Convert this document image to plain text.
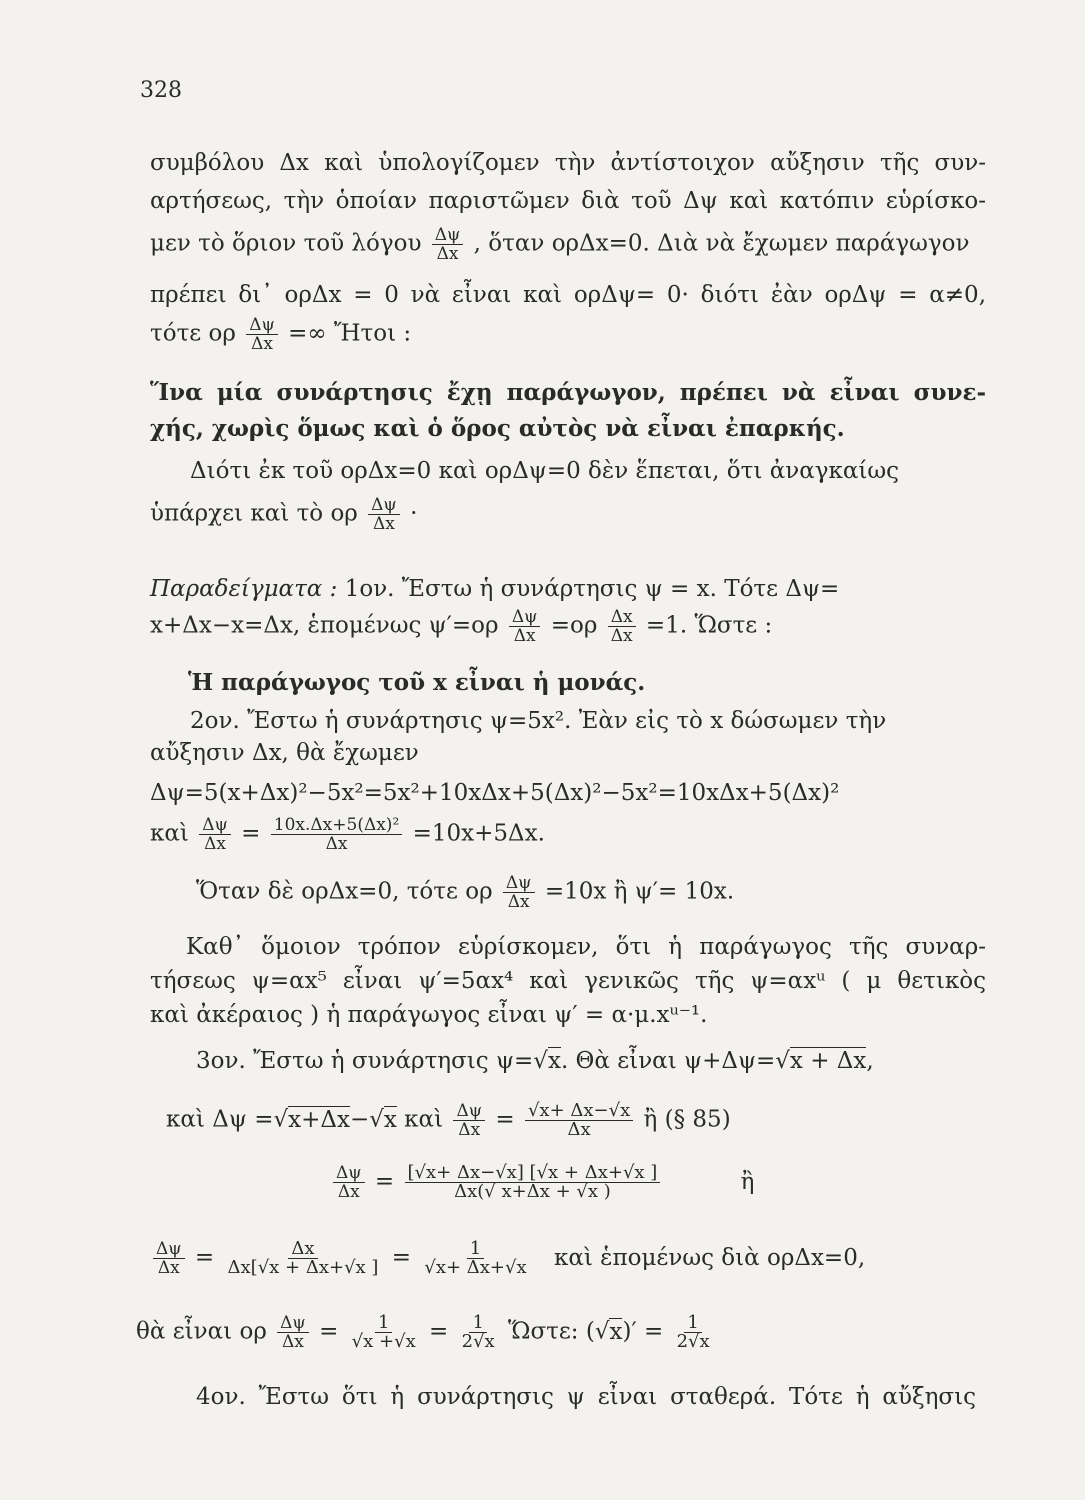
328
συμβόλου Δx καὶ ὑπολογίζομεν τὴν ἀντίστοιχον αὔξησιν τῆς συν-
αρτήσεως, τὴν ὁποίαν παριστῶμεν διὰ τοῦ Δψ καὶ κατόπιν εὑρίσκο-
μεν τὸ ὅριον τοῦ λόγου $\frac{\Delta\psi}{\Delta x}$ , ὅταν ορΔx=0. Διὰ νὰ ἔχωμεν παράγωγον
πρέπει δι᾽ ορΔx = 0 νὰ εἶναι καὶ ορΔψ= 0· διότι ἐὰν ορΔψ = α≠0,
τότε ορ $\frac{\Delta\psi}{\Delta x}$ =∞ Ἤτοι :
Ἵνα μία συνάρτησις ἔχῃ παράγωγον, πρέπει νὰ εἶναι συνε-
χής, χωρὶς ὅμως καὶ ὁ ὅρος αὐτὸς νὰ εἶναι ἐπαρκής.
Διότι ἐκ τοῦ ορΔx=0 καὶ ορΔψ=0 δὲν ἕπεται, ὅτι ἀναγκαίως
ὑπάρχει καὶ τὸ ορ $\frac{\Delta\psi}{\Delta x}$ ·
Παραδείγματα : 1ον. Ἔστω ἡ συνάρτησις ψ = x. Τότε Δψ=
x+Δx−x=Δx, ἑπομένως $\psi'=o\rho \frac{\Delta\psi}{\Delta x} =o\rho \frac{\Delta x}{\Delta x} =1$. Ὥστε :
Ἡ παράγωγος τοῦ x εἶναι ἡ μονάς.
2ον. Ἔστω ἡ συνάρτησις ψ=5x². Ἐὰν εἰς τὸ x δώσωμεν τὴν
αὔξησιν Δx, θὰ ἔχωμεν
Δψ=5(x+Δx)²−5x²=5x²+10xΔx+5(Δx)²−5x²=10xΔx+5(Δx)²
καὶ $\frac{\Delta\psi}{\Delta x} = \frac{\text{10x.Δx+5(Δx)²}}{\Delta x} =10x+5\Delta x$.
Ὅταν δὲ ορΔx=0, τότε ορ $\frac{\Delta\psi}{\Delta x} =10x$ ἢ ψ′= 10x.
Καθ᾽ ὅμοιον τρόπον εὑρίσκομεν, ὅτι ἡ παράγωγος τῆς συναρ-
τήσεως ψ=αx⁵ εἶναι ψ′=5αx⁴ καὶ γενικῶς τῆς ψ=αxᵘ ( μ θετικὸς
καὶ ἀκέραιος ) ἡ παράγωγος εἶναι ψ′ = α·μ.xᵘ⁻¹.
3ον. Ἔστω ἡ συνάρτησις ψ=√x. Θὰ εἶναι ψ+Δψ=√x + Δx,
καὶ Δψ =√x+Δx−√x καὶ $\frac{\Delta\psi}{\Delta x} = \frac{√x+ \Delta x-√x}{\Delta x}$ ἢ (§ 85)
$\frac{\Delta\psi}{\Delta x} = \frac{[√x+ \Delta x-√x] [√x + \Delta x+√x ]}{\Delta x(√ x+\Delta x + √x )}$	ἢ
$\frac{\Delta\psi}{\Delta x} = \frac{\Delta x}{\Delta x[√x + \Delta x+√x ]} = \frac{1}{√x+ \Delta x+√x}$ καὶ ἑπομένως διὰ ορΔx=0,
θὰ εἶναι ορ $\frac{\Delta\psi}{\Delta x} = \frac{1}{√x +√x} = \frac{1}{2√x}$ Ὥστε: $(√x)' = \frac{1}{2√x}$
4ον. Ἔστω ὅτι ἡ συνάρτησις ψ εἶναι σταθερά. Τότε ἡ αὔξησις
